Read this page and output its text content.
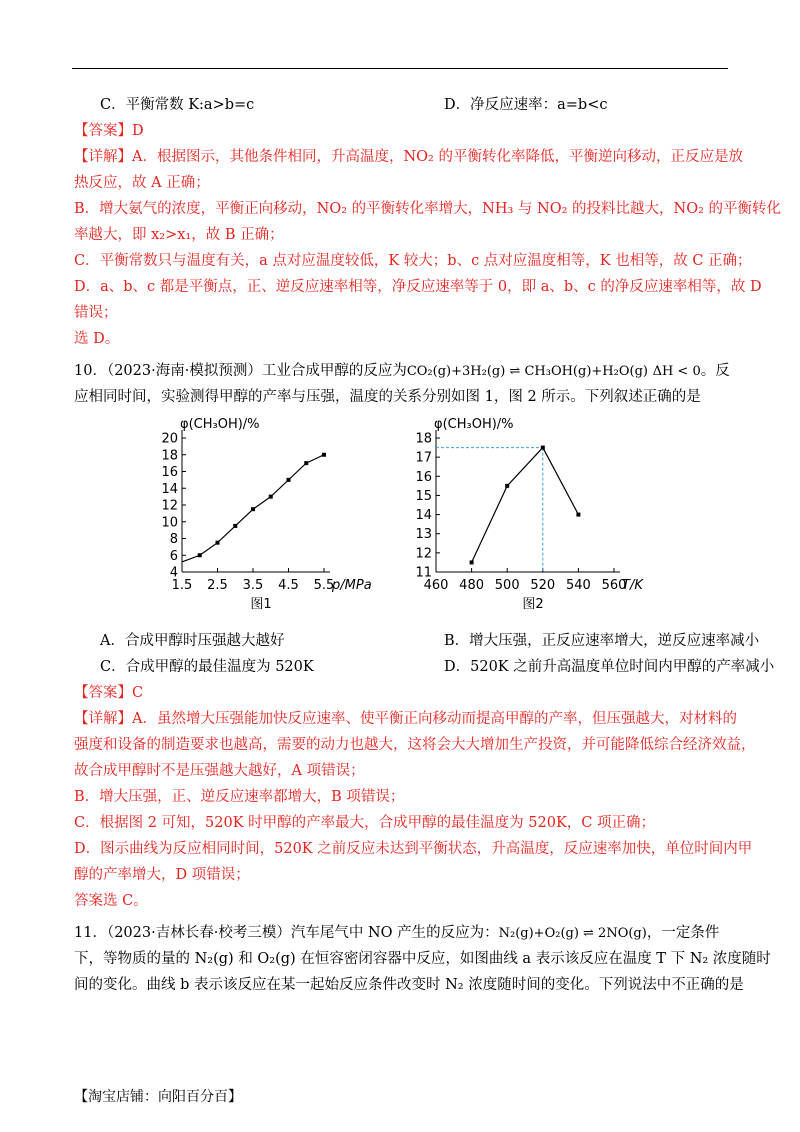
C．平衡常数 K:a>b=c	D．净反应速率：a=b<c
【答案】D
【详解】A．根据图示，其他条件相同，升高温度，NO₂ 的平衡转化率降低，平衡逆向移动，正反应是放
热反应，故 A 正确；
B．增大氨气的浓度，平衡正向移动，NO₂ 的平衡转化率增大，NH₃ 与 NO₂ 的投料比越大，NO₂ 的平衡转化
率越大，即 x₂>x₁，故 B 正确；
C．平衡常数只与温度有关，a 点对应温度较低，K 较大；b、c 点对应温度相等，K 也相等，故 C 正确；
D．a、b、c 都是平衡点，正、逆反应速率相等，净反应速率等于 0，即 a、b、c 的净反应速率相等，故 D
错误；
选 D。
10．（2023·海南·模拟预测）工业合成甲醇的反应为CO₂(g)+3H₂(g) ⇌ CH₃OH(g)+H₂O(g) ΔH < 0。反
应相同时间，实验测得甲醇的产率与压强，温度的关系分别如图 1，图 2 所示。下列叙述正确的是
4
6
8
10
12
14
16
18
20
1.5 2.5 3.5 4.5 5.5
φ(CH₃OH)/%
p/MPa
图1
11
12
13
14
15
16
17
18
460 480 500 520 540 560
φ(CH₃OH)/%
T/K
图2
A．合成甲醇时压强越大越好	B．增大压强，正反应速率增大，逆反应速率减小
C．合成甲醇的最佳温度为 520K	D．520K 之前升高温度单位时间内甲醇的产率减小
【答案】C
【详解】A．虽然增大压强能加快反应速率、使平衡正向移动而提高甲醇的产率，但压强越大，对材料的
强度和设备的制造要求也越高，需要的动力也越大，这将会大大增加生产投资，并可能降低综合经济效益，
故合成甲醇时不是压强越大越好，A 项错误；
B．增大压强，正、逆反应速率都增大，B 项错误；
C．根据图 2 可知，520K 时甲醇的产率最大，合成甲醇的最佳温度为 520K，C 项正确；
D．图示曲线为反应相同时间，520K 之前反应未达到平衡状态，升高温度，反应速率加快，单位时间内甲
醇的产率增大，D 项错误；
答案选 C。
11．（2023·吉林长春·校考三模）汽车尾气中 NO 产生的反应为：N₂(g)+O₂(g) ⇌ 2NO(g)，一定条件
下，等物质的量的 N₂(g) 和 O₂(g) 在恒容密闭容器中反应，如图曲线 a 表示该反应在温度 T 下 N₂ 浓度随时
间的变化。曲线 b 表示该反应在某一起始反应条件改变时 N₂ 浓度随时间的变化。下列说法中不正确的是
【淘宝店铺：向阳百分百】
